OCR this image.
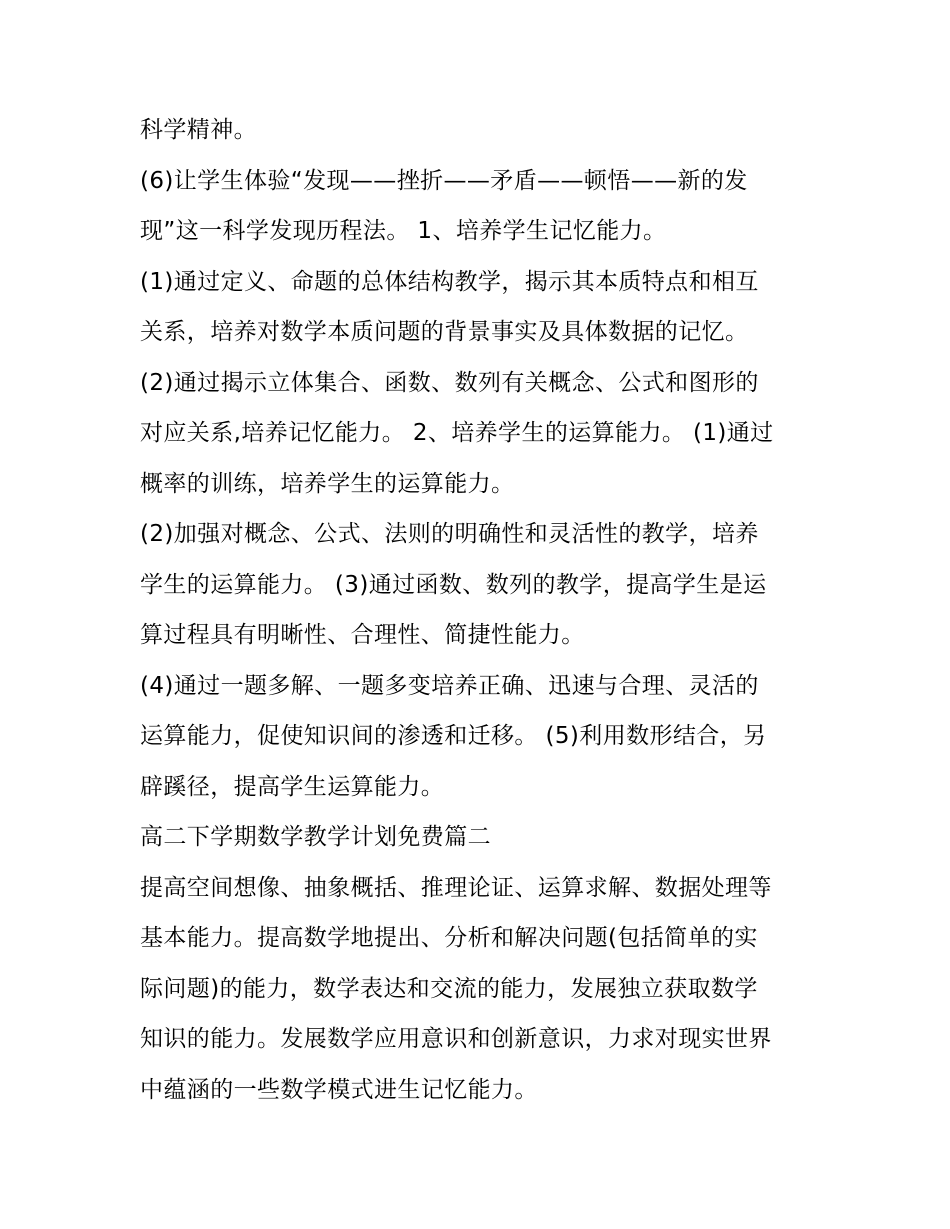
科学精神。
(6)让学生体验“发现——挫折——矛盾——顿悟——新的发
现”这一科学发现历程法。 1、培养学生记忆能力。
(1)通过定义、命题的总体结构教学，揭示其本质特点和相互
关系，培养对数学本质问题的背景事实及具体数据的记忆。
(2)通过揭示立体集合、函数、数列有关概念、公式和图形的
对应关系,培养记忆能力。 2、培养学生的运算能力。 (1)通过
概率的训练，培养学生的运算能力。
(2)加强对概念、公式、法则的明确性和灵活性的教学，培养
学生的运算能力。 (3)通过函数、数列的教学，提高学生是运
算过程具有明晰性、合理性、简捷性能力。
(4)通过一题多解、一题多变培养正确、迅速与合理、灵活的
运算能力，促使知识间的渗透和迁移。 (5)利用数形结合，另
辟蹊径，提高学生运算能力。
高二下学期数学教学计划免费篇二
提高空间想像、抽象概括、推理论证、运算求解、数据处理等
基本能力。提高数学地提出、分析和解决问题(包括简单的实
际问题)的能力，数学表达和交流的能力，发展独立获取数学
知识的能力。发展数学应用意识和创新意识，力求对现实世界
中蕴涵的一些数学模式进生记忆能力。
